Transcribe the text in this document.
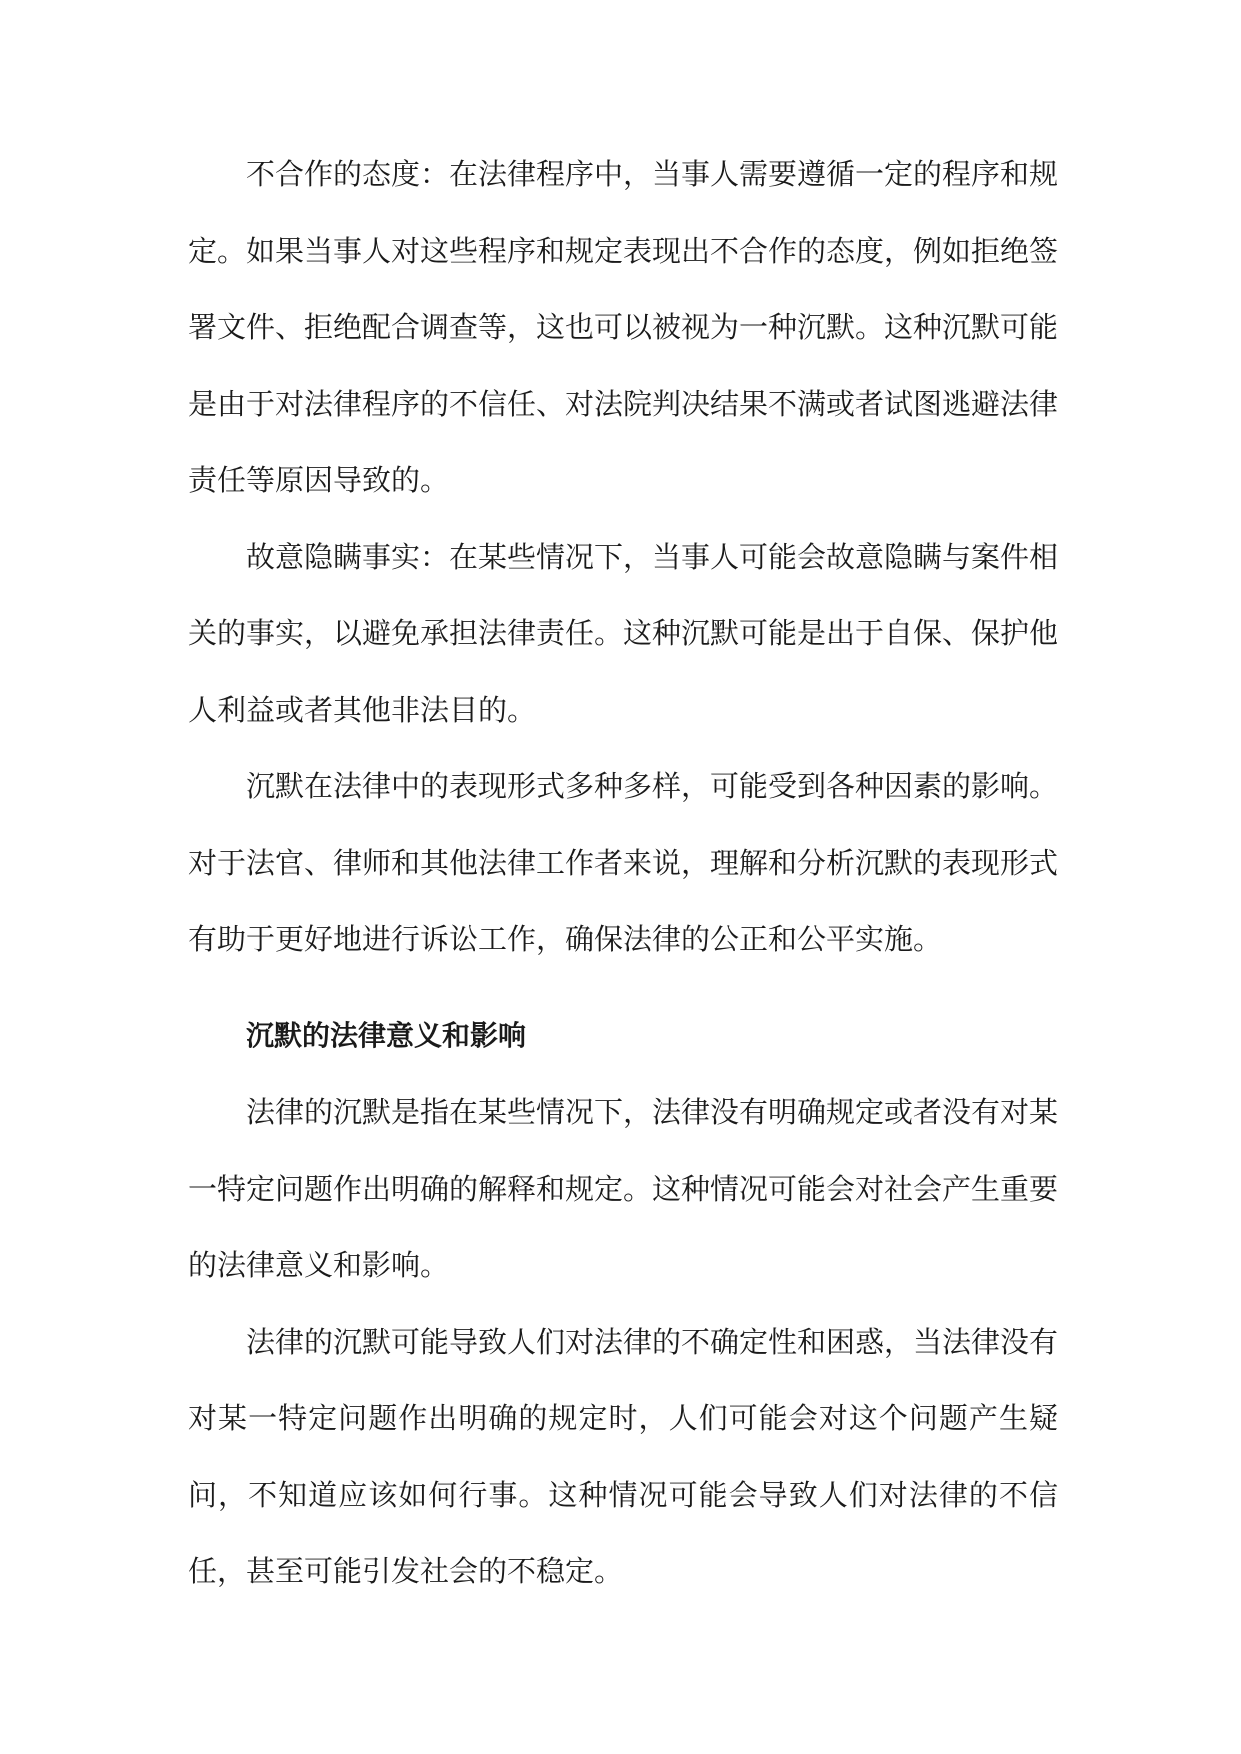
不合作的态度：在法律程序中，当事人需要遵循一定的程序和规定。如果当事人对这些程序和规定表现出不合作的态度，例如拒绝签署文件、拒绝配合调查等，这也可以被视为一种沉默。这种沉默可能是由于对法律程序的不信任、对法院判决结果不满或者试图逃避法律责任等原因导致的。

故意隐瞒事实：在某些情况下，当事人可能会故意隐瞒与案件相关的事实，以避免承担法律责任。这种沉默可能是出于自保、保护他人利益或者其他非法目的。

沉默在法律中的表现形式多种多样，可能受到各种因素的影响。对于法官、律师和其他法律工作者来说，理解和分析沉默的表现形式有助于更好地进行诉讼工作，确保法律的公正和公平实施。

沉默的法律意义和影响

法律的沉默是指在某些情况下，法律没有明确规定或者没有对某一特定问题作出明确的解释和规定。这种情况可能会对社会产生重要的法律意义和影响。

法律的沉默可能导致人们对法律的不确定性和困惑，当法律没有对某一特定问题作出明确的规定时，人们可能会对这个问题产生疑问，不知道应该如何行事。这种情况可能会导致人们对法律的不信任，甚至可能引发社会的不稳定。
